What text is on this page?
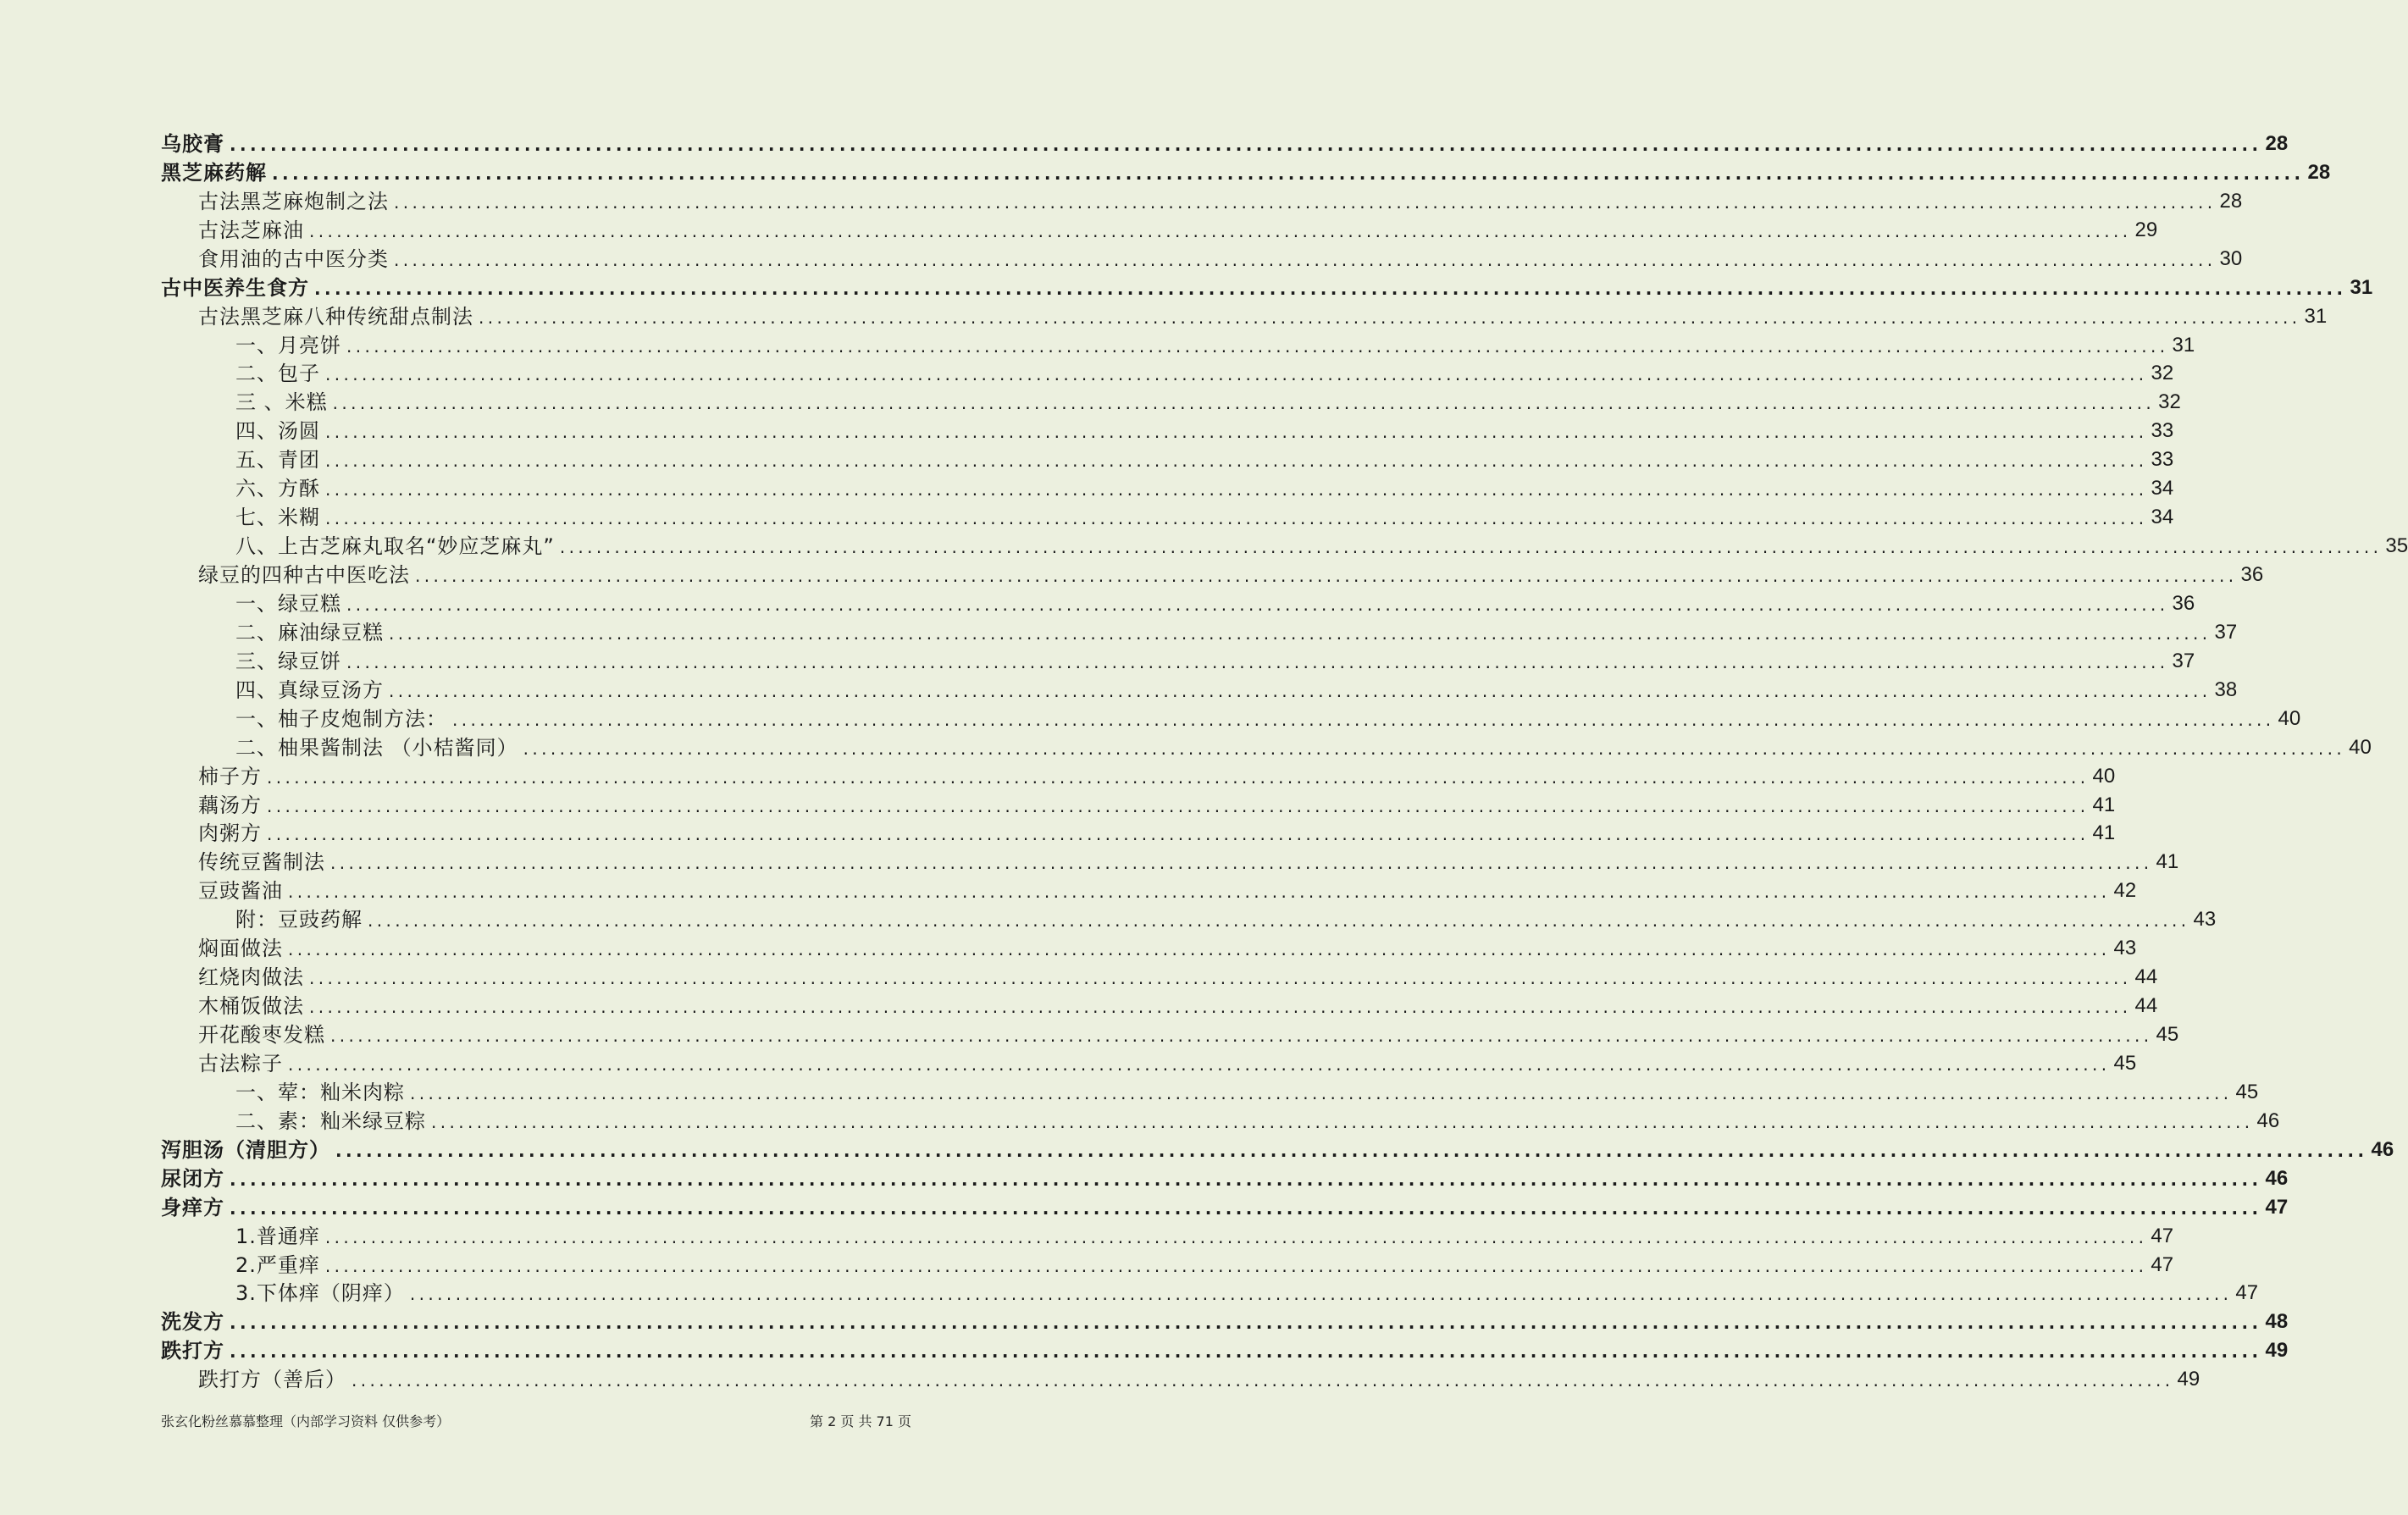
乌胶膏 ........................................................................................................................................................................................................ 28
黑芝麻药解 ........................................................................................................................................................................................................ 28
古法黑芝麻炮制之法 ........................................................................................................................................................................................................ 28
古法芝麻油 ........................................................................................................................................................................................................ 29
食用油的古中医分类 ........................................................................................................................................................................................................ 30
古中医养生食方 ........................................................................................................................................................................................................ 31
古法黑芝麻八种传统甜点制法 ........................................................................................................................................................................................................ 31
一、月亮饼 ........................................................................................................................................................................................................ 31
二、包子 ........................................................................................................................................................................................................ 32
三 、米糕 ........................................................................................................................................................................................................ 32
四、汤圆 ........................................................................................................................................................................................................ 33
五、青团 ........................................................................................................................................................................................................ 33
六、方酥 ........................................................................................................................................................................................................ 34
七、米糊 ........................................................................................................................................................................................................ 34
八、上古芝麻丸取名“妙应芝麻丸” ........................................................................................................................................................................................................ 35
绿豆的四种古中医吃法 ........................................................................................................................................................................................................ 36
一、绿豆糕 ........................................................................................................................................................................................................ 36
二、麻油绿豆糕 ........................................................................................................................................................................................................ 37
三、绿豆饼 ........................................................................................................................................................................................................ 37
四、真绿豆汤方 ........................................................................................................................................................................................................ 38
一、柚子皮炮制方法： ........................................................................................................................................................................................................ 40
二、柚果酱制法 （小桔酱同） ........................................................................................................................................................................................................ 40
柿子方 ........................................................................................................................................................................................................ 40
藕汤方 ........................................................................................................................................................................................................ 41
肉粥方 ........................................................................................................................................................................................................ 41
传统豆酱制法 ........................................................................................................................................................................................................ 41
豆豉酱油 ........................................................................................................................................................................................................ 42
附：豆豉药解 ........................................................................................................................................................................................................ 43
焖面做法 ........................................................................................................................................................................................................ 43
红烧肉做法 ........................................................................................................................................................................................................ 44
木桶饭做法 ........................................................................................................................................................................................................ 44
开花酸枣发糕 ........................................................................................................................................................................................................ 45
古法粽子 ........................................................................................................................................................................................................ 45
一、荤：籼米肉粽 ........................................................................................................................................................................................................ 45
二、素：籼米绿豆粽 ........................................................................................................................................................................................................ 46
泻胆汤（清胆方） ........................................................................................................................................................................................................ 46
尿闭方 ........................................................................................................................................................................................................ 46
身痒方 ........................................................................................................................................................................................................ 47
1.普通痒 ........................................................................................................................................................................................................ 47
2.严重痒 ........................................................................................................................................................................................................ 47
3.下体痒（阴痒） ........................................................................................................................................................................................................ 47
洗发方 ........................................................................................................................................................................................................ 48
跌打方 ........................................................................................................................................................................................................ 49
跌打方（善后） ........................................................................................................................................................................................................ 49
张玄化粉丝慕慕整理（内部学习资料 仅供参考）	第 2 页 共 71 页
